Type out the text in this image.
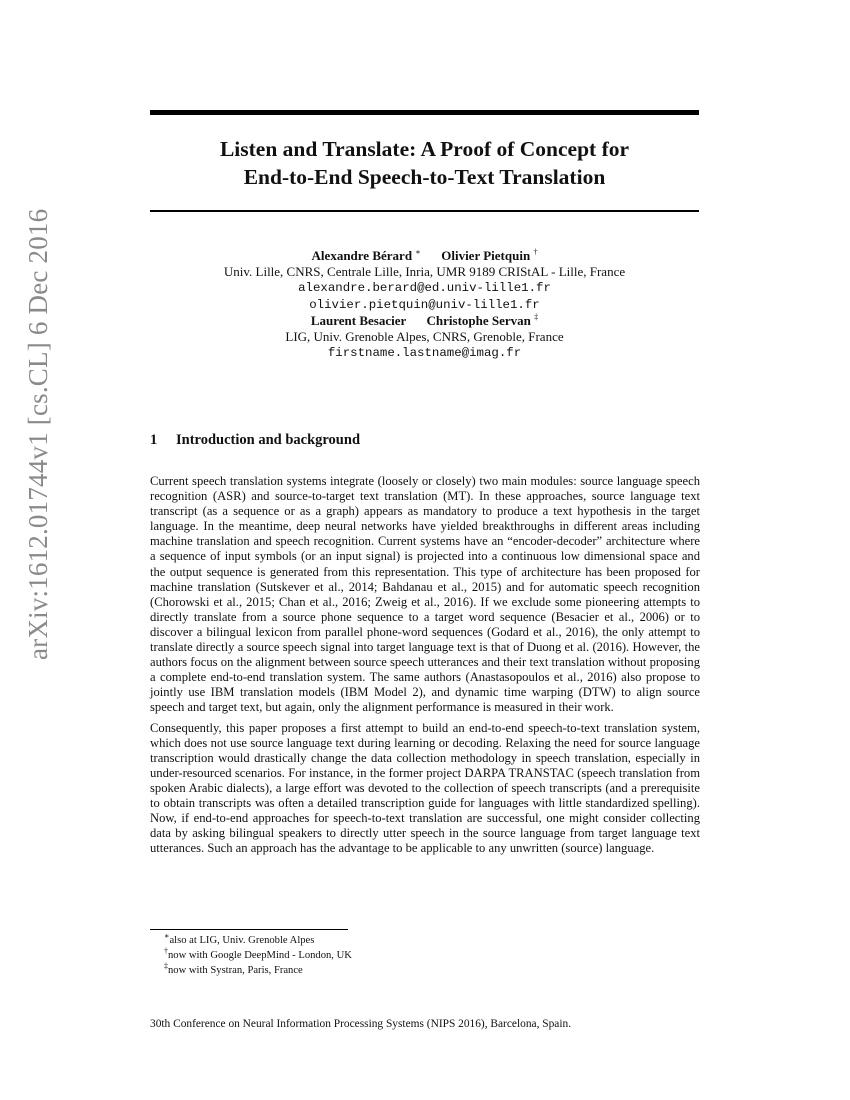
arXiv:1612.01744v1 [cs.CL] 6 Dec 2016
Listen and Translate: A Proof of Concept for
End-to-End Speech-to-Text Translation
Alexandre Bérard ∗ Olivier Pietquin †
Univ. Lille, CNRS, Centrale Lille, Inria, UMR 9189 CRIStAL - Lille, France
alexandre.berard@ed.univ-lille1.fr
olivier.pietquin@univ-lille1.fr
Laurent Besacier Christophe Servan ‡
LIG, Univ. Grenoble Alpes, CNRS, Grenoble, France
firstname.lastname@imag.fr
1 Introduction and background

Current speech translation systems integrate (loosely or closely) two main modules: source language speech recognition (ASR) and source-to-target text translation (MT). In these approaches, source language text transcript (as a sequence or as a graph) appears as mandatory to produce a text hypothesis in the target language. In the meantime, deep neural networks have yielded breakthroughs in different areas including machine translation and speech recognition. Current systems have an “encoder-decoder” architecture where a sequence of input symbols (or an input signal) is projected into a continuous low dimensional space and the output sequence is generated from this representation. This type of architecture has been proposed for machine translation (Sutskever et al., 2014; Bahdanau et al., 2015) and for automatic speech recognition (Chorowski et al., 2015; Chan et al., 2016; Zweig et al., 2016). If we exclude some pioneering attempts to directly translate from a source phone sequence to a target word sequence (Besacier et al., 2006) or to discover a bilingual lexicon from parallel phone-word sequences (Godard et al., 2016), the only attempt to translate directly a source speech signal into target language text is that of Duong et al. (2016). However, the authors focus on the alignment between source speech utterances and their text translation without proposing a complete end-to-end translation system. The same authors (Anastasopoulos et al., 2016) also propose to jointly use IBM translation models (IBM Model 2), and dynamic time warping (DTW) to align source speech and target text, but again, only the alignment performance is measured in their work.

Consequently, this paper proposes a first attempt to build an end-to-end speech-to-text translation system, which does not use source language text during learning or decoding. Relaxing the need for source language transcription would drastically change the data collection methodology in speech translation, especially in under-resourced scenarios. For instance, in the former project DARPA TRANSTAC (speech translation from spoken Arabic dialects), a large effort was devoted to the collection of speech transcripts (and a prerequisite to obtain transcripts was often a detailed transcription guide for languages with little standardized spelling). Now, if end-to-end approaches for speech-to-text translation are successful, one might consider collecting data by asking bilingual speakers to directly utter speech in the source language from target language text utterances. Such an approach has the advantage to be applicable to any unwritten (source) language.

∗also at LIG, Univ. Grenoble Alpes
†now with Google DeepMind - London, UK
‡now with Systran, Paris, France
30th Conference on Neural Information Processing Systems (NIPS 2016), Barcelona, Spain.
